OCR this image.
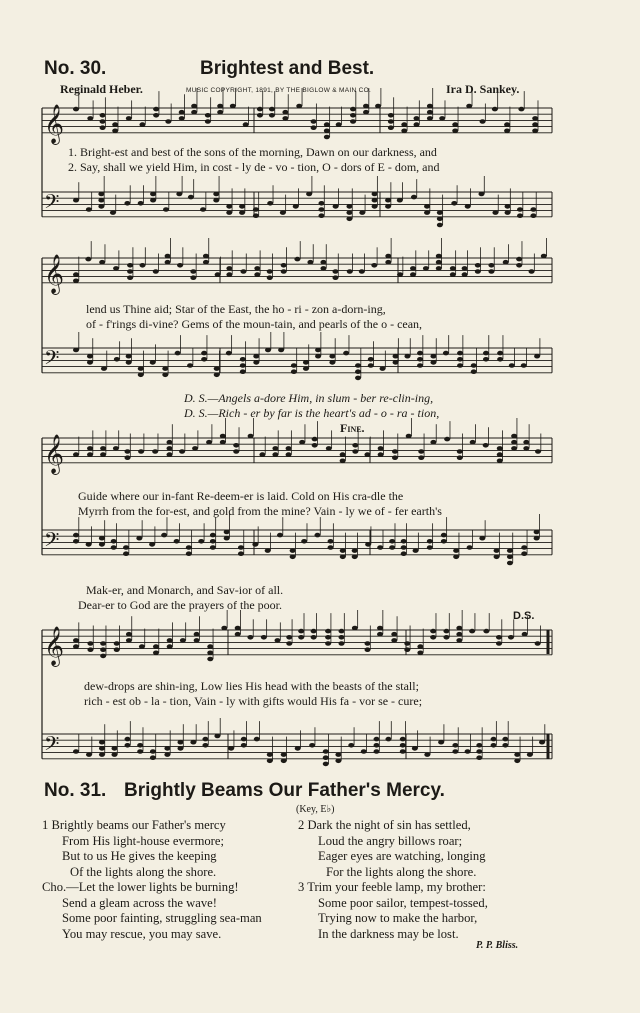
No. 30.	Brightest and Best.
Reginald Heber.	MUSIC COPYRIGHT, 1891, BY THE BIGLOW & MAIN CO.	Ira D. Sankey.
𝄞
𝄢
𝄞
𝄢
𝄞
𝄢
𝄞
𝄢
1. Bright-est and best of the sons of the morning, Dawn on our darkness, and
2. Say, shall we yield Him, in cost - ly de - vo - tion, O - dors of E - dom, and
lend us Thine aid; Star of the East, the ho - ri - zon a-dorn-ing,
of - f'rings di-vine? Gems of the moun-tain, and pearls of the o - cean,
D. S.—Angels a-dore Him, in slum - ber re-clin-ing,
D. S.—Rich - er by far is the heart's ad - o - ra - tion,
Fine.
Guide where our in-fant Re-deem-er is laid. Cold on His cra-dle the
Myrrh from the for-est, and gold from the mine? Vain - ly we of - fer earth's
Mak-er, and Monarch, and Sav-ior of all.
Dear-er to God are the prayers of the poor.
D.S.
dew-drops are shin-ing, Low lies His head with the beasts of the stall;
rich - est ob - la - tion, Vain - ly with gifts would His fa - vor se - cure;
No. 31. Brightly Beams Our Father's Mercy.
(Key, E♭)
1 Brightly beams our Father's mercy
From His light-house evermore;
But to us He gives the keeping
Of the lights along the shore.
Cho.—Let the lower lights be burning!
Send a gleam across the wave!
Some poor fainting, struggling sea-man
You may rescue, you may save.
2 Dark the night of sin has settled,
Loud the angry billows roar;
Eager eyes are watching, longing
For the lights along the shore.
3 Trim your feeble lamp, my brother:
Some poor sailor, tempest-tossed,
Trying now to make the harbor,
In the darkness may be lost.
P. P. Bliss.
